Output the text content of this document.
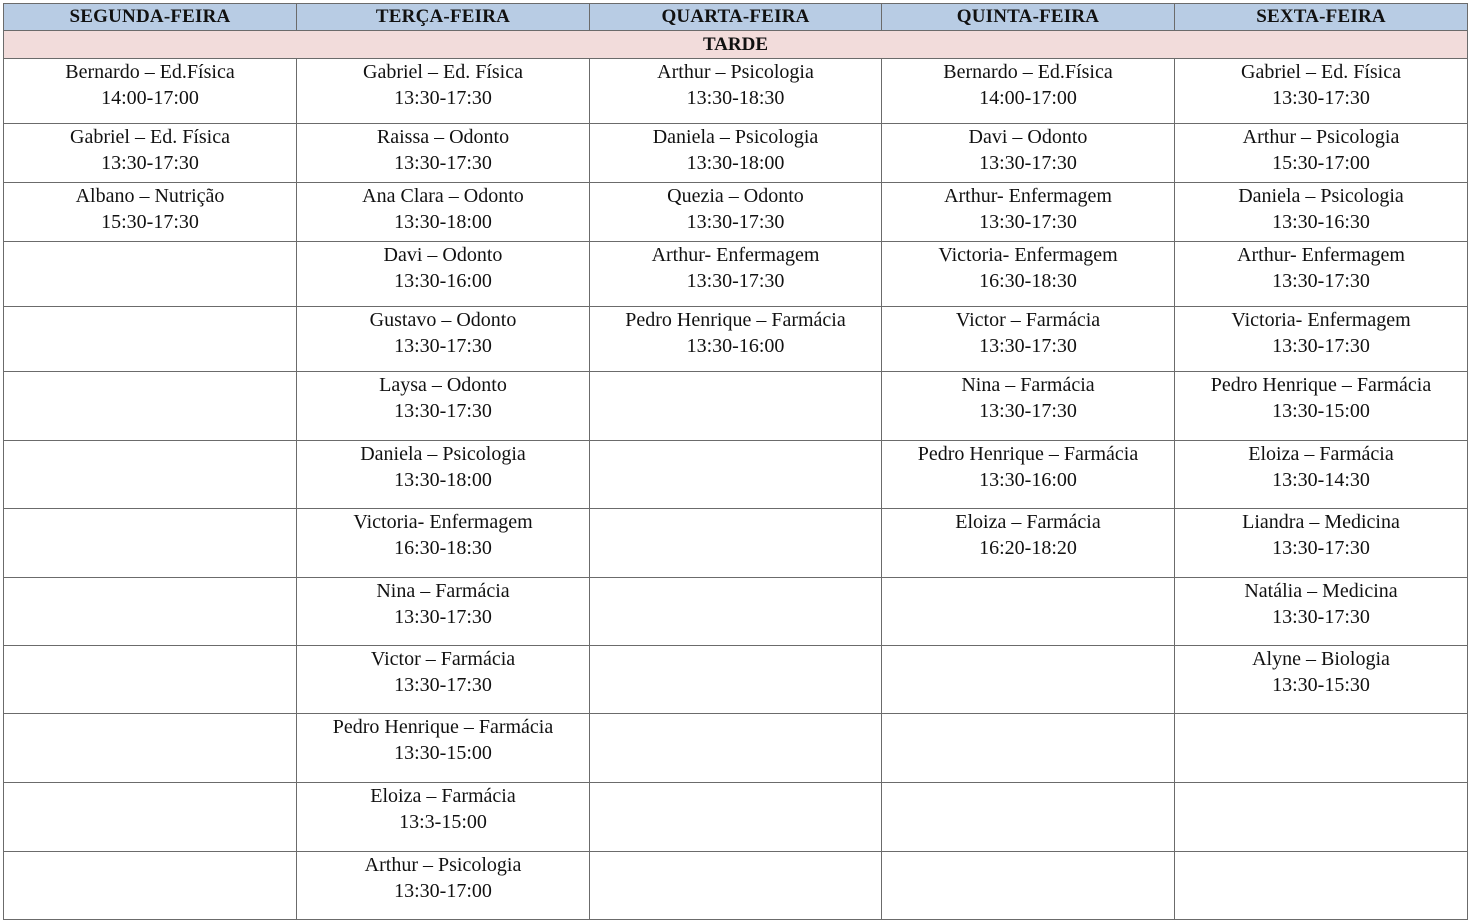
SEGUNDA-FEIRA	TERÇA-FEIRA	QUARTA-FEIRA	QUINTA-FEIRA	SEXTA-FEIRA
TARDE				

Bernardo – Ed.Física
14:00-17:00	Gabriel – Ed. Física
13:30-17:30	Arthur – Psicologia
13:30-18:30	Bernardo – Ed.Física
14:00-17:00	Gabriel – Ed. Física
13:30-17:30

Gabriel – Ed. Física
13:30-17:30	Raissa – Odonto
13:30-17:30	Daniela – Psicologia
13:30-18:00	Davi – Odonto
13:30-17:30	Arthur – Psicologia
15:30-17:00

Albano – Nutrição
15:30-17:30	Ana Clara – Odonto
13:30-18:00	Quezia – Odonto
13:30-17:30	Arthur- Enfermagem
13:30-17:30	Daniela – Psicologia
13:30-16:30

	Davi – Odonto
13:30-16:00	Arthur- Enfermagem
13:30-17:30	Victoria- Enfermagem
16:30-18:30	Arthur- Enfermagem
13:30-17:30

	Gustavo – Odonto
13:30-17:30	Pedro Henrique – Farmácia
13:30-16:00	Victor – Farmácia
13:30-17:30	Victoria- Enfermagem
13:30-17:30

	Laysa – Odonto
13:30-17:30		Nina – Farmácia
13:30-17:30	Pedro Henrique – Farmácia
13:30-15:00

	Daniela – Psicologia
13:30-18:00		Pedro Henrique – Farmácia
13:30-16:00	Eloiza – Farmácia
13:30-14:30

	Victoria- Enfermagem
16:30-18:30		Eloiza – Farmácia
16:20-18:20	Liandra – Medicina
13:30-17:30

	Nina – Farmácia
13:30-17:30			Natália – Medicina
13:30-17:30

	Victor – Farmácia
13:30-17:30			Alyne – Biologia
13:30-15:30

	Pedro Henrique – Farmácia
13:30-15:00			

	Eloiza – Farmácia
13:3-15:00			

	Arthur – Psicologia
13:30-17:00			
